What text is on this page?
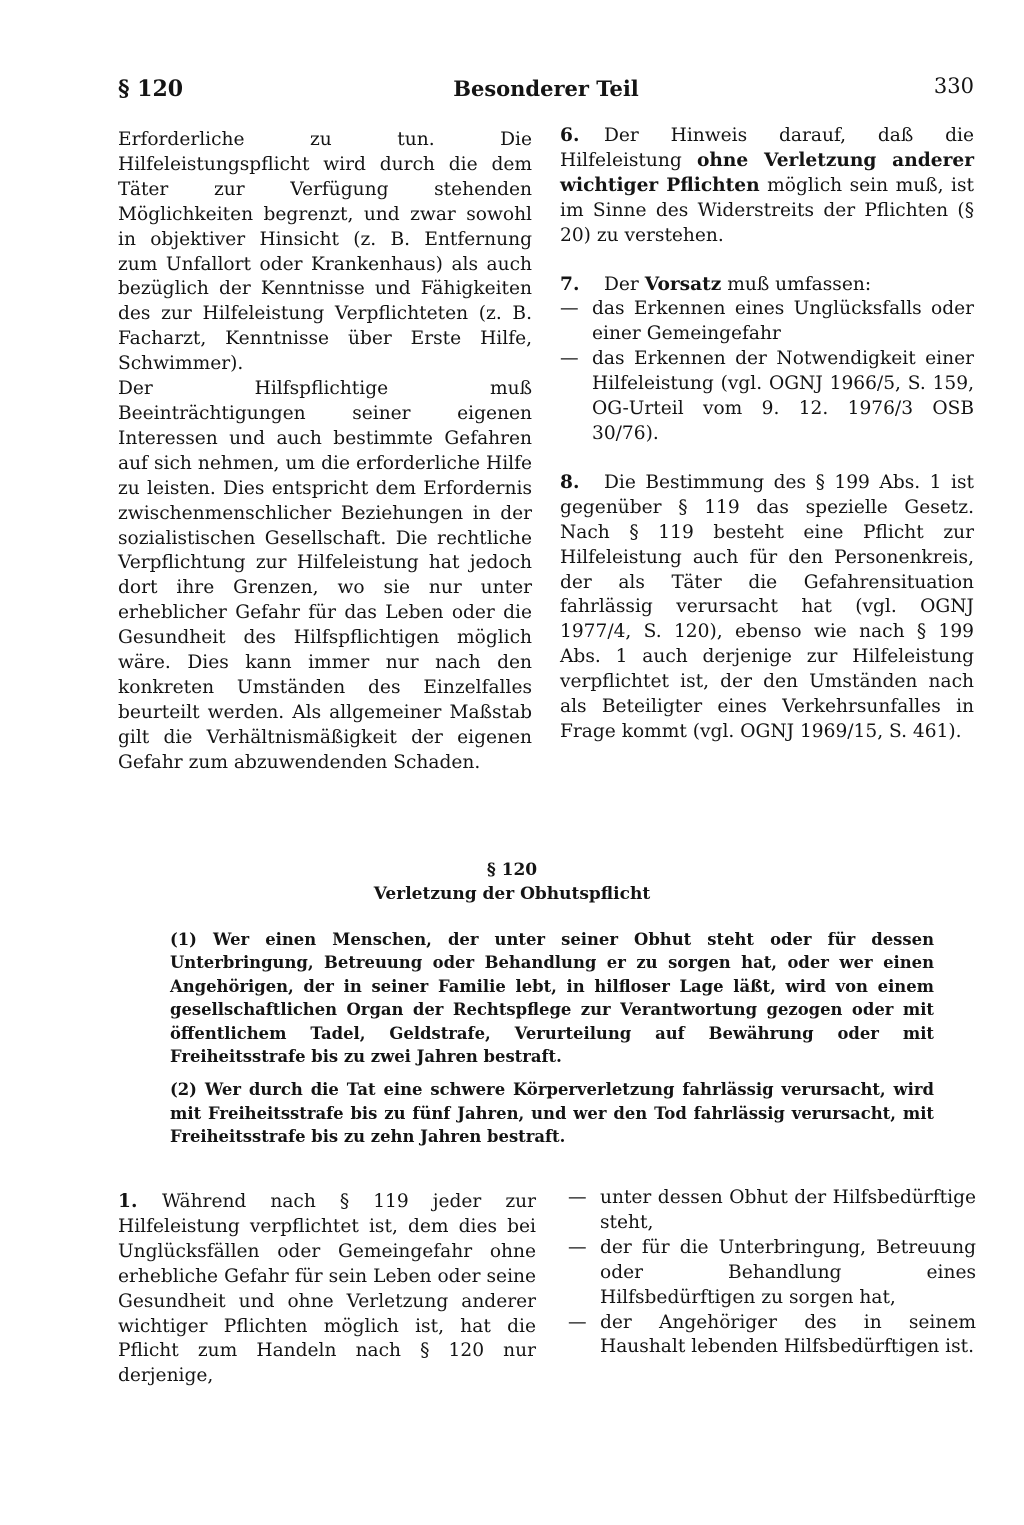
§ 120	Besonderer Teil	330

Erforderliche zu tun. Die Hilfeleistungspflicht wird durch die dem Täter zur Verfügung stehenden Möglichkeiten begrenzt, und zwar sowohl in objektiver Hinsicht (z. B. Entfernung zum Unfallort oder Krankenhaus) als auch bezüglich der Kenntnisse und Fähigkeiten des zur Hilfeleistung Verpflichteten (z. B. Facharzt, Kenntnisse über Erste Hilfe, Schwimmer).

Der Hilfspflichtige muß Beeinträchtigungen seiner eigenen Interessen und auch bestimmte Gefahren auf sich nehmen, um die erforderliche Hilfe zu leisten. Dies entspricht dem Erfordernis zwischenmenschlicher Beziehungen in der sozialistischen Gesellschaft. Die rechtliche Verpflichtung zur Hilfeleistung hat jedoch dort ihre Grenzen, wo sie nur unter erheblicher Gefahr für das Leben oder die Gesundheit des Hilfspflichtigen möglich wäre. Dies kann immer nur nach den konkreten Umständen des Einzelfalles beurteilt werden. Als allgemeiner Maßstab gilt die Verhältnismäßigkeit der eigenen Gefahr zum abzuwendenden Schaden.

6. Der Hinweis darauf, daß die Hilfeleistung ohne Verletzung anderer wichtiger Pflichten möglich sein muß, ist im Sinne des Widerstreits der Pflichten (§ 20) zu verstehen.

7. Der Vorsatz muß umfassen:

— das Erkennen eines Unglücksfalls oder einer Gemeingefahr
— das Erkennen der Notwendigkeit einer Hilfeleistung (vgl. OGNJ 1966/5, S. 159, OG-Urteil vom 9. 12. 1976/3 OSB 30/76).

8. Die Bestimmung des § 199 Abs. 1 ist gegenüber § 119 das spezielle Gesetz. Nach § 119 besteht eine Pflicht zur Hilfeleistung auch für den Personenkreis, der als Täter die Gefahrensituation fahrlässig verursacht hat (vgl. OGNJ 1977/4, S. 120), ebenso wie nach § 199 Abs. 1 auch derjenige zur Hilfeleistung verpflichtet ist, der den Umständen nach als Beteiligter eines Verkehrsunfalles in Frage kommt (vgl. OGNJ 1969/15, S. 461).

§ 120
Verletzung der Obhutspflicht

(1) Wer einen Menschen, der unter seiner Obhut steht oder für dessen Unterbringung, Betreuung oder Behandlung er zu sorgen hat, oder wer einen Angehörigen, der in seiner Familie lebt, in hilfloser Lage läßt, wird von einem gesellschaftlichen Organ der Rechtspflege zur Verantwortung gezogen oder mit öffentlichem Tadel, Geldstrafe, Verurteilung auf Bewährung oder mit Freiheitsstrafe bis zu zwei Jahren bestraft.

(2) Wer durch die Tat eine schwere Körperverletzung fahrlässig verursacht, wird mit Freiheitsstrafe bis zu fünf Jahren, und wer den Tod fahrlässig verursacht, mit Freiheitsstrafe bis zu zehn Jahren bestraft.

1. Während nach § 119 jeder zur Hilfeleistung verpflichtet ist, dem dies bei Unglücksfällen oder Gemeingefahr ohne erhebliche Gefahr für sein Leben oder seine Gesundheit und ohne Verletzung anderer wichtiger Pflichten möglich ist, hat die Pflicht zum Handeln nach § 120 nur derjenige,

— unter dessen Obhut der Hilfsbedürftige steht,
— der für die Unterbringung, Betreuung oder Behandlung eines Hilfsbedürftigen zu sorgen hat,
— der Angehöriger des in seinem Haushalt lebenden Hilfsbedürftigen ist.
